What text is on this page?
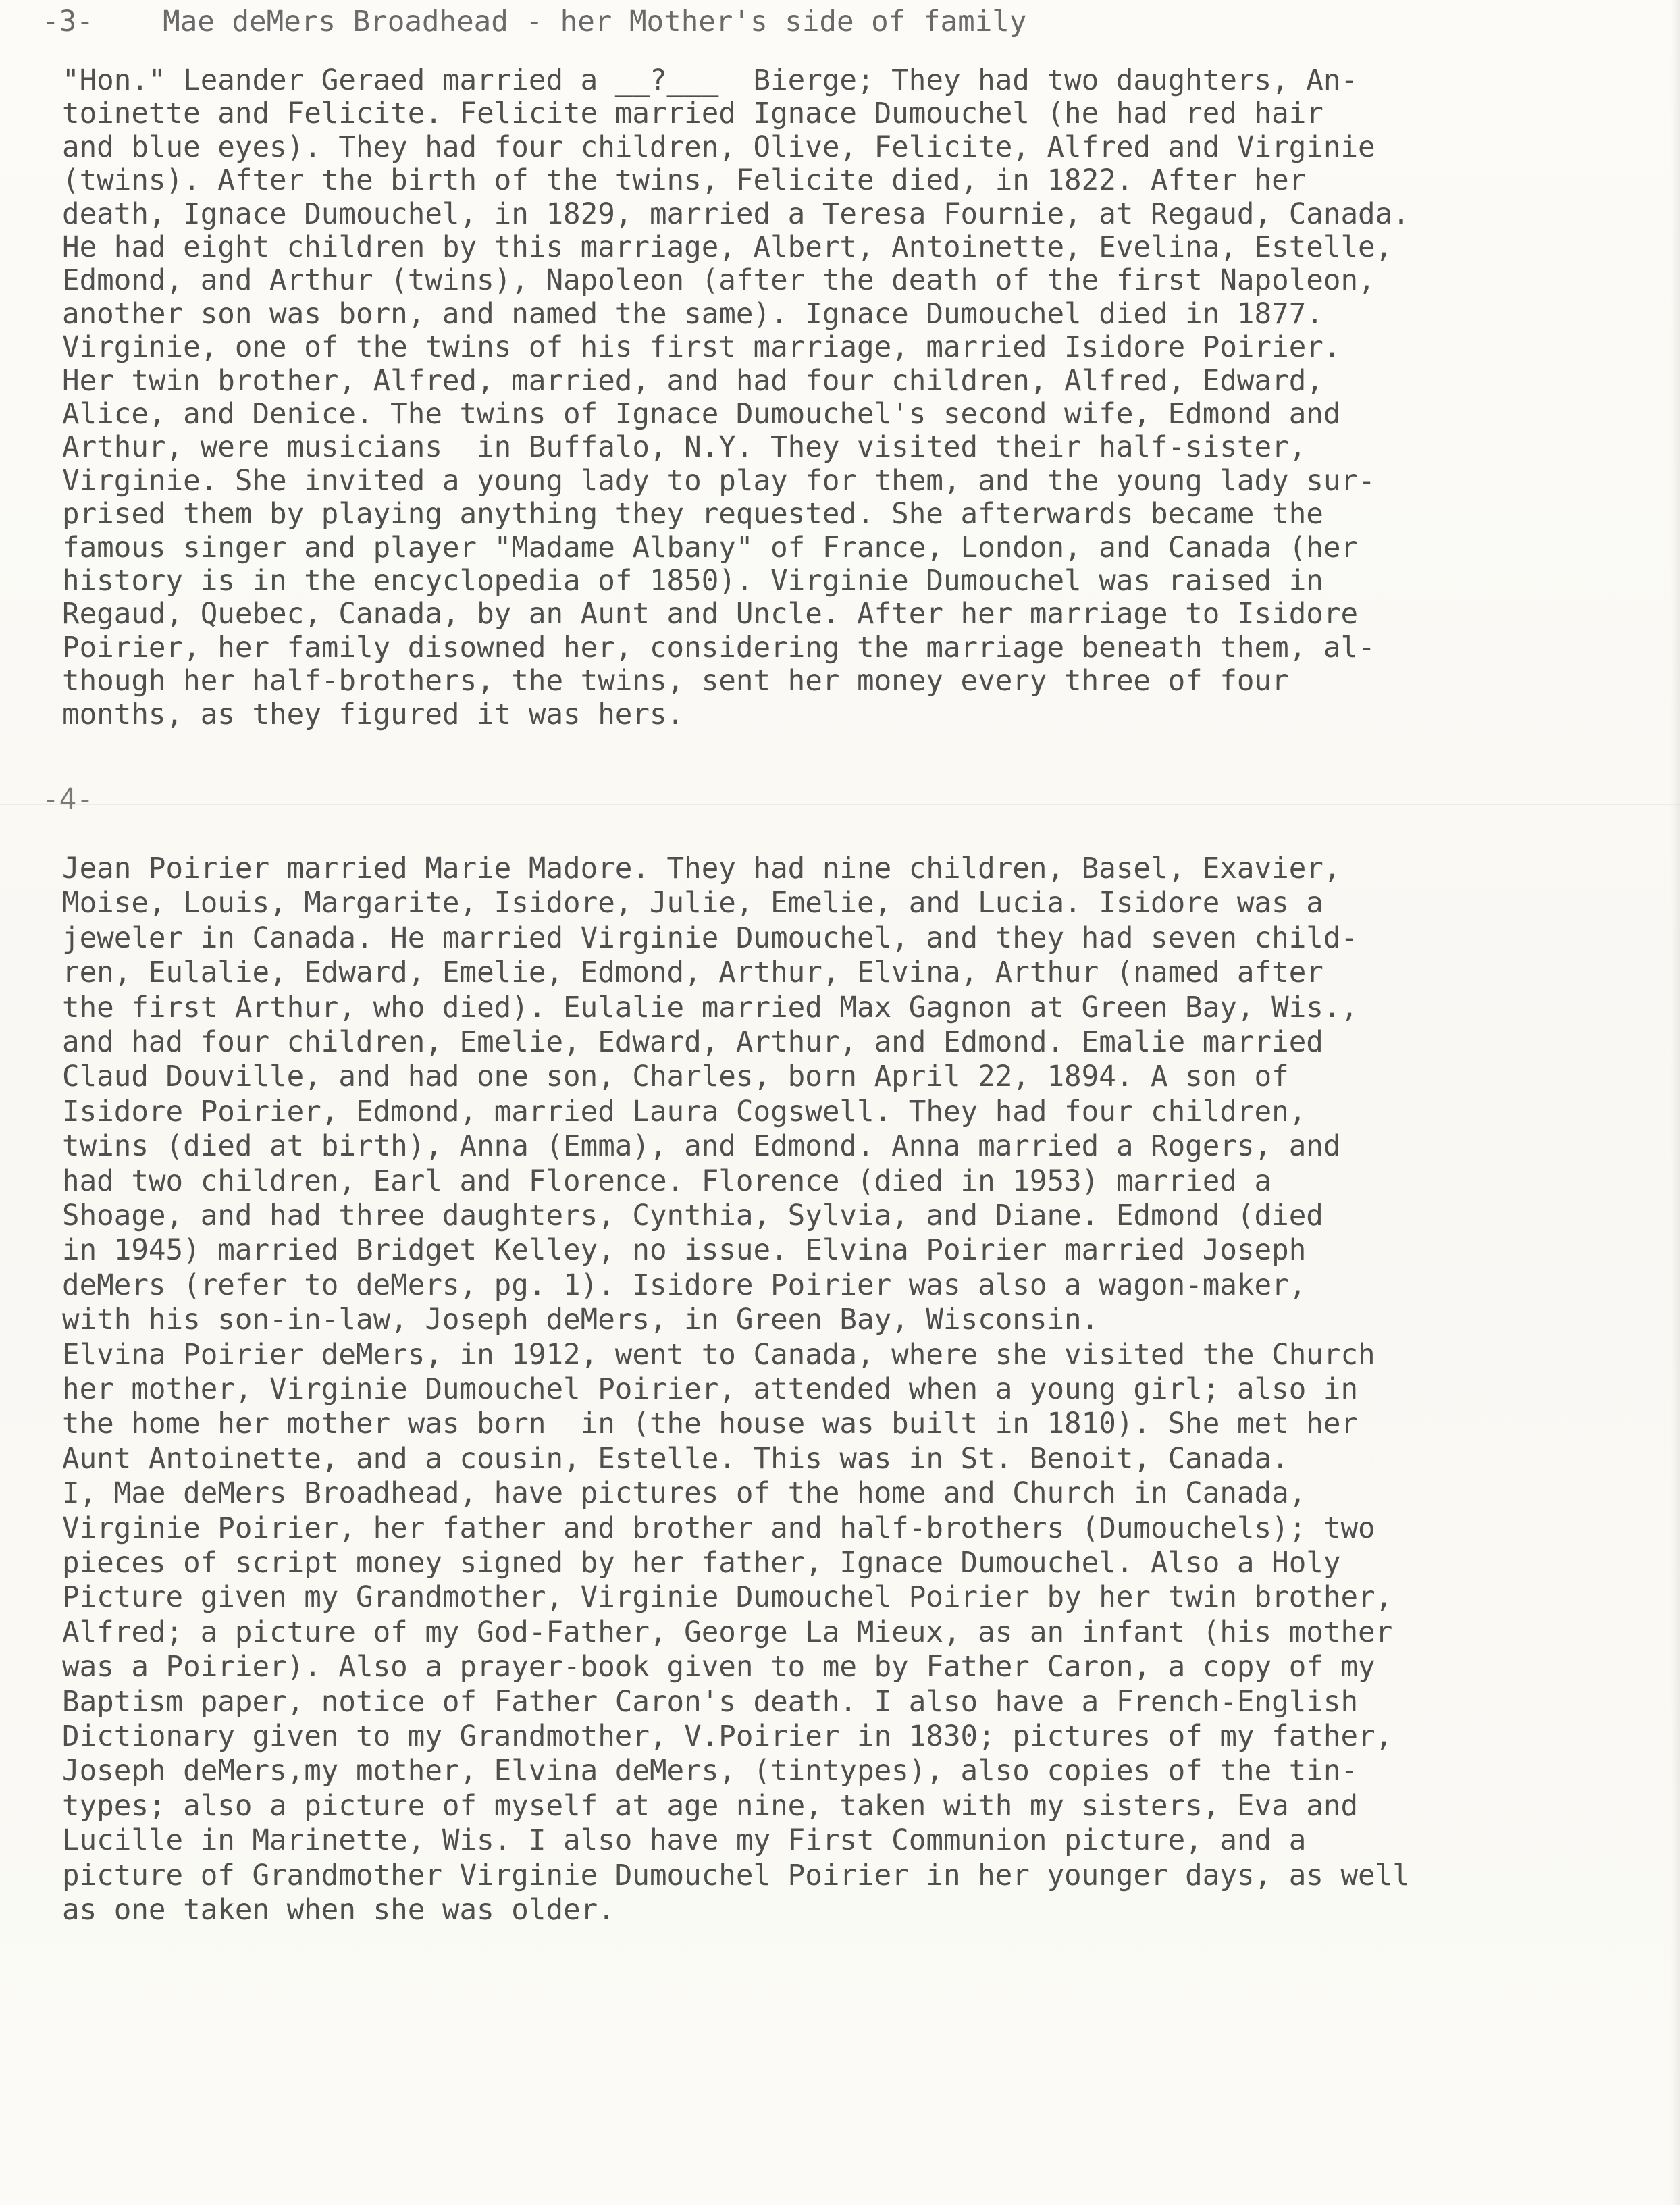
-3-    Mae deMers Broadhead - her Mother's side of family
"Hon." Leander Geraed married a __?___  Bierge; They had two daughters, An-
toinette and Felicite. Felicite married Ignace Dumouchel (he had red hair
and blue eyes). They had four children, Olive, Felicite, Alfred and Virginie
(twins). After the birth of the twins, Felicite died, in 1822. After her
death, Ignace Dumouchel, in 1829, married a Teresa Fournie, at Regaud, Canada.
He had eight children by this marriage, Albert, Antoinette, Evelina, Estelle,
Edmond, and Arthur (twins), Napoleon (after the death of the first Napoleon,
another son was born, and named the same). Ignace Dumouchel died in 1877.
Virginie, one of the twins of his first marriage, married Isidore Poirier.
Her twin brother, Alfred, married, and had four children, Alfred, Edward,
Alice, and Denice. The twins of Ignace Dumouchel's second wife, Edmond and
Arthur, were musicians  in Buffalo, N.Y. They visited their half-sister,
Virginie. She invited a young lady to play for them, and the young lady sur-
prised them by playing anything they requested. She afterwards became the
famous singer and player "Madame Albany" of France, London, and Canada (her
history is in the encyclopedia of 1850). Virginie Dumouchel was raised in
Regaud, Quebec, Canada, by an Aunt and Uncle. After her marriage to Isidore
Poirier, her family disowned her, considering the marriage beneath them, al-
though her half-brothers, the twins, sent her money every three of four
months, as they figured it was hers.
-4-
Jean Poirier married Marie Madore. They had nine children, Basel, Exavier,
Moise, Louis, Margarite, Isidore, Julie, Emelie, and Lucia. Isidore was a
jeweler in Canada. He married Virginie Dumouchel, and they had seven child-
ren, Eulalie, Edward, Emelie, Edmond, Arthur, Elvina, Arthur (named after
the first Arthur, who died). Eulalie married Max Gagnon at Green Bay, Wis.,
and had four children, Emelie, Edward, Arthur, and Edmond. Emalie married
Claud Douville, and had one son, Charles, born April 22, 1894. A son of
Isidore Poirier, Edmond, married Laura Cogswell. They had four children,
twins (died at birth), Anna (Emma), and Edmond. Anna married a Rogers, and
had two children, Earl and Florence. Florence (died in 1953) married a
Shoage, and had three daughters, Cynthia, Sylvia, and Diane. Edmond (died
in 1945) married Bridget Kelley, no issue. Elvina Poirier married Joseph
deMers (refer to deMers, pg. 1). Isidore Poirier was also a wagon-maker,
with his son-in-law, Joseph deMers, in Green Bay, Wisconsin.
Elvina Poirier deMers, in 1912, went to Canada, where she visited the Church
her mother, Virginie Dumouchel Poirier, attended when a young girl; also in
the home her mother was born  in (the house was built in 1810). She met her
Aunt Antoinette, and a cousin, Estelle. This was in St. Benoit, Canada.
I, Mae deMers Broadhead, have pictures of the home and Church in Canada,
Virginie Poirier, her father and brother and half-brothers (Dumouchels); two
pieces of script money signed by her father, Ignace Dumouchel. Also a Holy
Picture given my Grandmother, Virginie Dumouchel Poirier by her twin brother,
Alfred; a picture of my God-Father, George La Mieux, as an infant (his mother
was a Poirier). Also a prayer-book given to me by Father Caron, a copy of my
Baptism paper, notice of Father Caron's death. I also have a French-English
Dictionary given to my Grandmother, V.Poirier in 1830; pictures of my father,
Joseph deMers,my mother, Elvina deMers, (tintypes), also copies of the tin-
types; also a picture of myself at age nine, taken with my sisters, Eva and
Lucille in Marinette, Wis. I also have my First Communion picture, and a
picture of Grandmother Virginie Dumouchel Poirier in her younger days, as well
as one taken when she was older.
